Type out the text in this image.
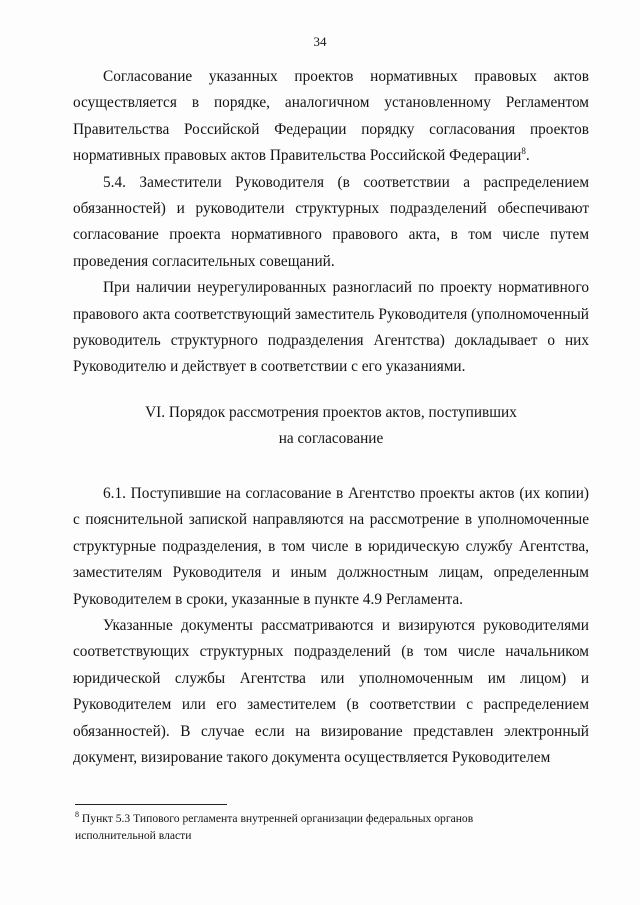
34

Согласование указанных проектов нормативных правовых актов осуществляется в порядке, аналогичном установленному Регламентом Правительства Российской Федерации порядку согласования проектов нормативных правовых актов Правительства Российской Федерации$^8$.

5.4. Заместители Руководителя (в соответствии а распределением обязанностей) и руководители структурных подразделений обеспечивают согласование проекта нормативного правового акта, в том числе путем проведения согласительных совещаний.

При наличии неурегулированных разногласий по проекту нормативного правового акта соответствующий заместитель Руководителя (уполномоченный руководитель структурного подразделения Агентства) докладывает о них Руководителю и действует в соответствии с его указаниями.

VI. Порядок рассмотрения проектов актов, поступивших

на согласование

6.1. Поступившие на согласование в Агентство проекты актов (их копии) с пояснительной запиской направляются на рассмотрение в уполномоченные структурные подразделения, в том числе в юридическую службу Агентства, заместителям Руководителя и иным должностным лицам, определенным Руководителем в сроки, указанные в пункте 4.9 Регламента.

Указанные документы рассматриваются и визируются руководителями соответствующих структурных подразделений (в том числе начальником юридической службы Агентства или уполномоченным им лицом) и Руководителем или его заместителем (в соответствии с распределением обязанностей). В случае если на визирование представлен электронный документ, визирование такого документа осуществляется Руководителем

$^8$ Пункт 5.3 Типового регламента внутренней организации федеральных органов
исполнительной власти
